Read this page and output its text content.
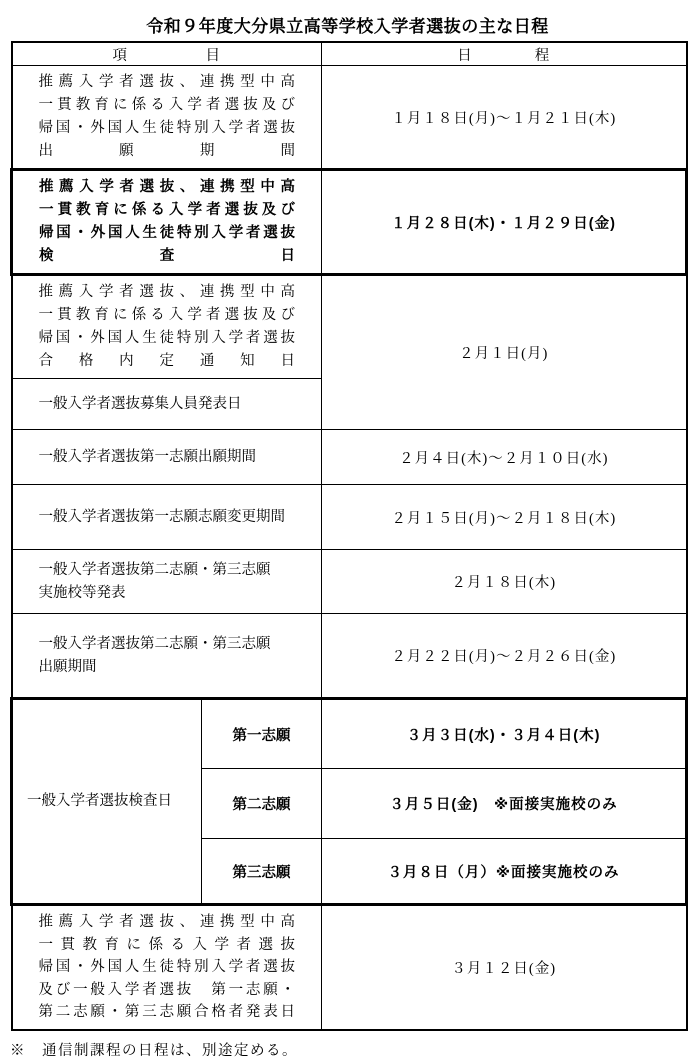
令和９年度大分県立高等学校入学者選抜の主な日程
項　　　　　目		日　　　　程

推薦入学者選抜、連携型中高
一貫教育に係る入学者選抜及び
帰国・外国人生徒特別入学者選抜
出　　　　願　　　　期　　　　間		１月１８日(月)～１月２１日(木)

推薦入学者選抜、連携型中高
一貫教育に係る入学者選抜及び
帰国・外国人生徒特別入学者選抜
検　　　　　　査　　　　　　日		１月２８日(木)・１月２９日(金)

推薦入学者選抜、連携型中高
一貫教育に係る入学者選抜及び
帰国・外国人生徒特別入学者選抜
合　格　内　定　通　知　日		２月１日(月)

一般入学者選抜募集人員発表日		

一般入学者選抜第一志願出願期間		２月４日(木)～２月１０日(水)

一般入学者選抜第一志願志願変更期間		２月１５日(月)～２月１８日(木)

一般入学者選抜第二志願・第三志願
実施校等発表		２月１８日(木)

一般入学者選抜第二志願・第三志願
出願期間		２月２２日(月)～２月２６日(金)

一般入学者選抜検査日	第一志願	３月３日(水)・３月４日(木)
	第二志願	３月５日(金)　※面接実施校のみ
	第三志願	３月８日（月）※面接実施校のみ

推薦入学者選抜、連携型中高
一貫教育に係る入学者選抜
帰国・外国人生徒特別入学者選抜
及び一般入学者選抜　第一志願・
第二志願・第三志願合格者発表日		３月１２日(金)
※　通信制課程の日程は、別途定める。
